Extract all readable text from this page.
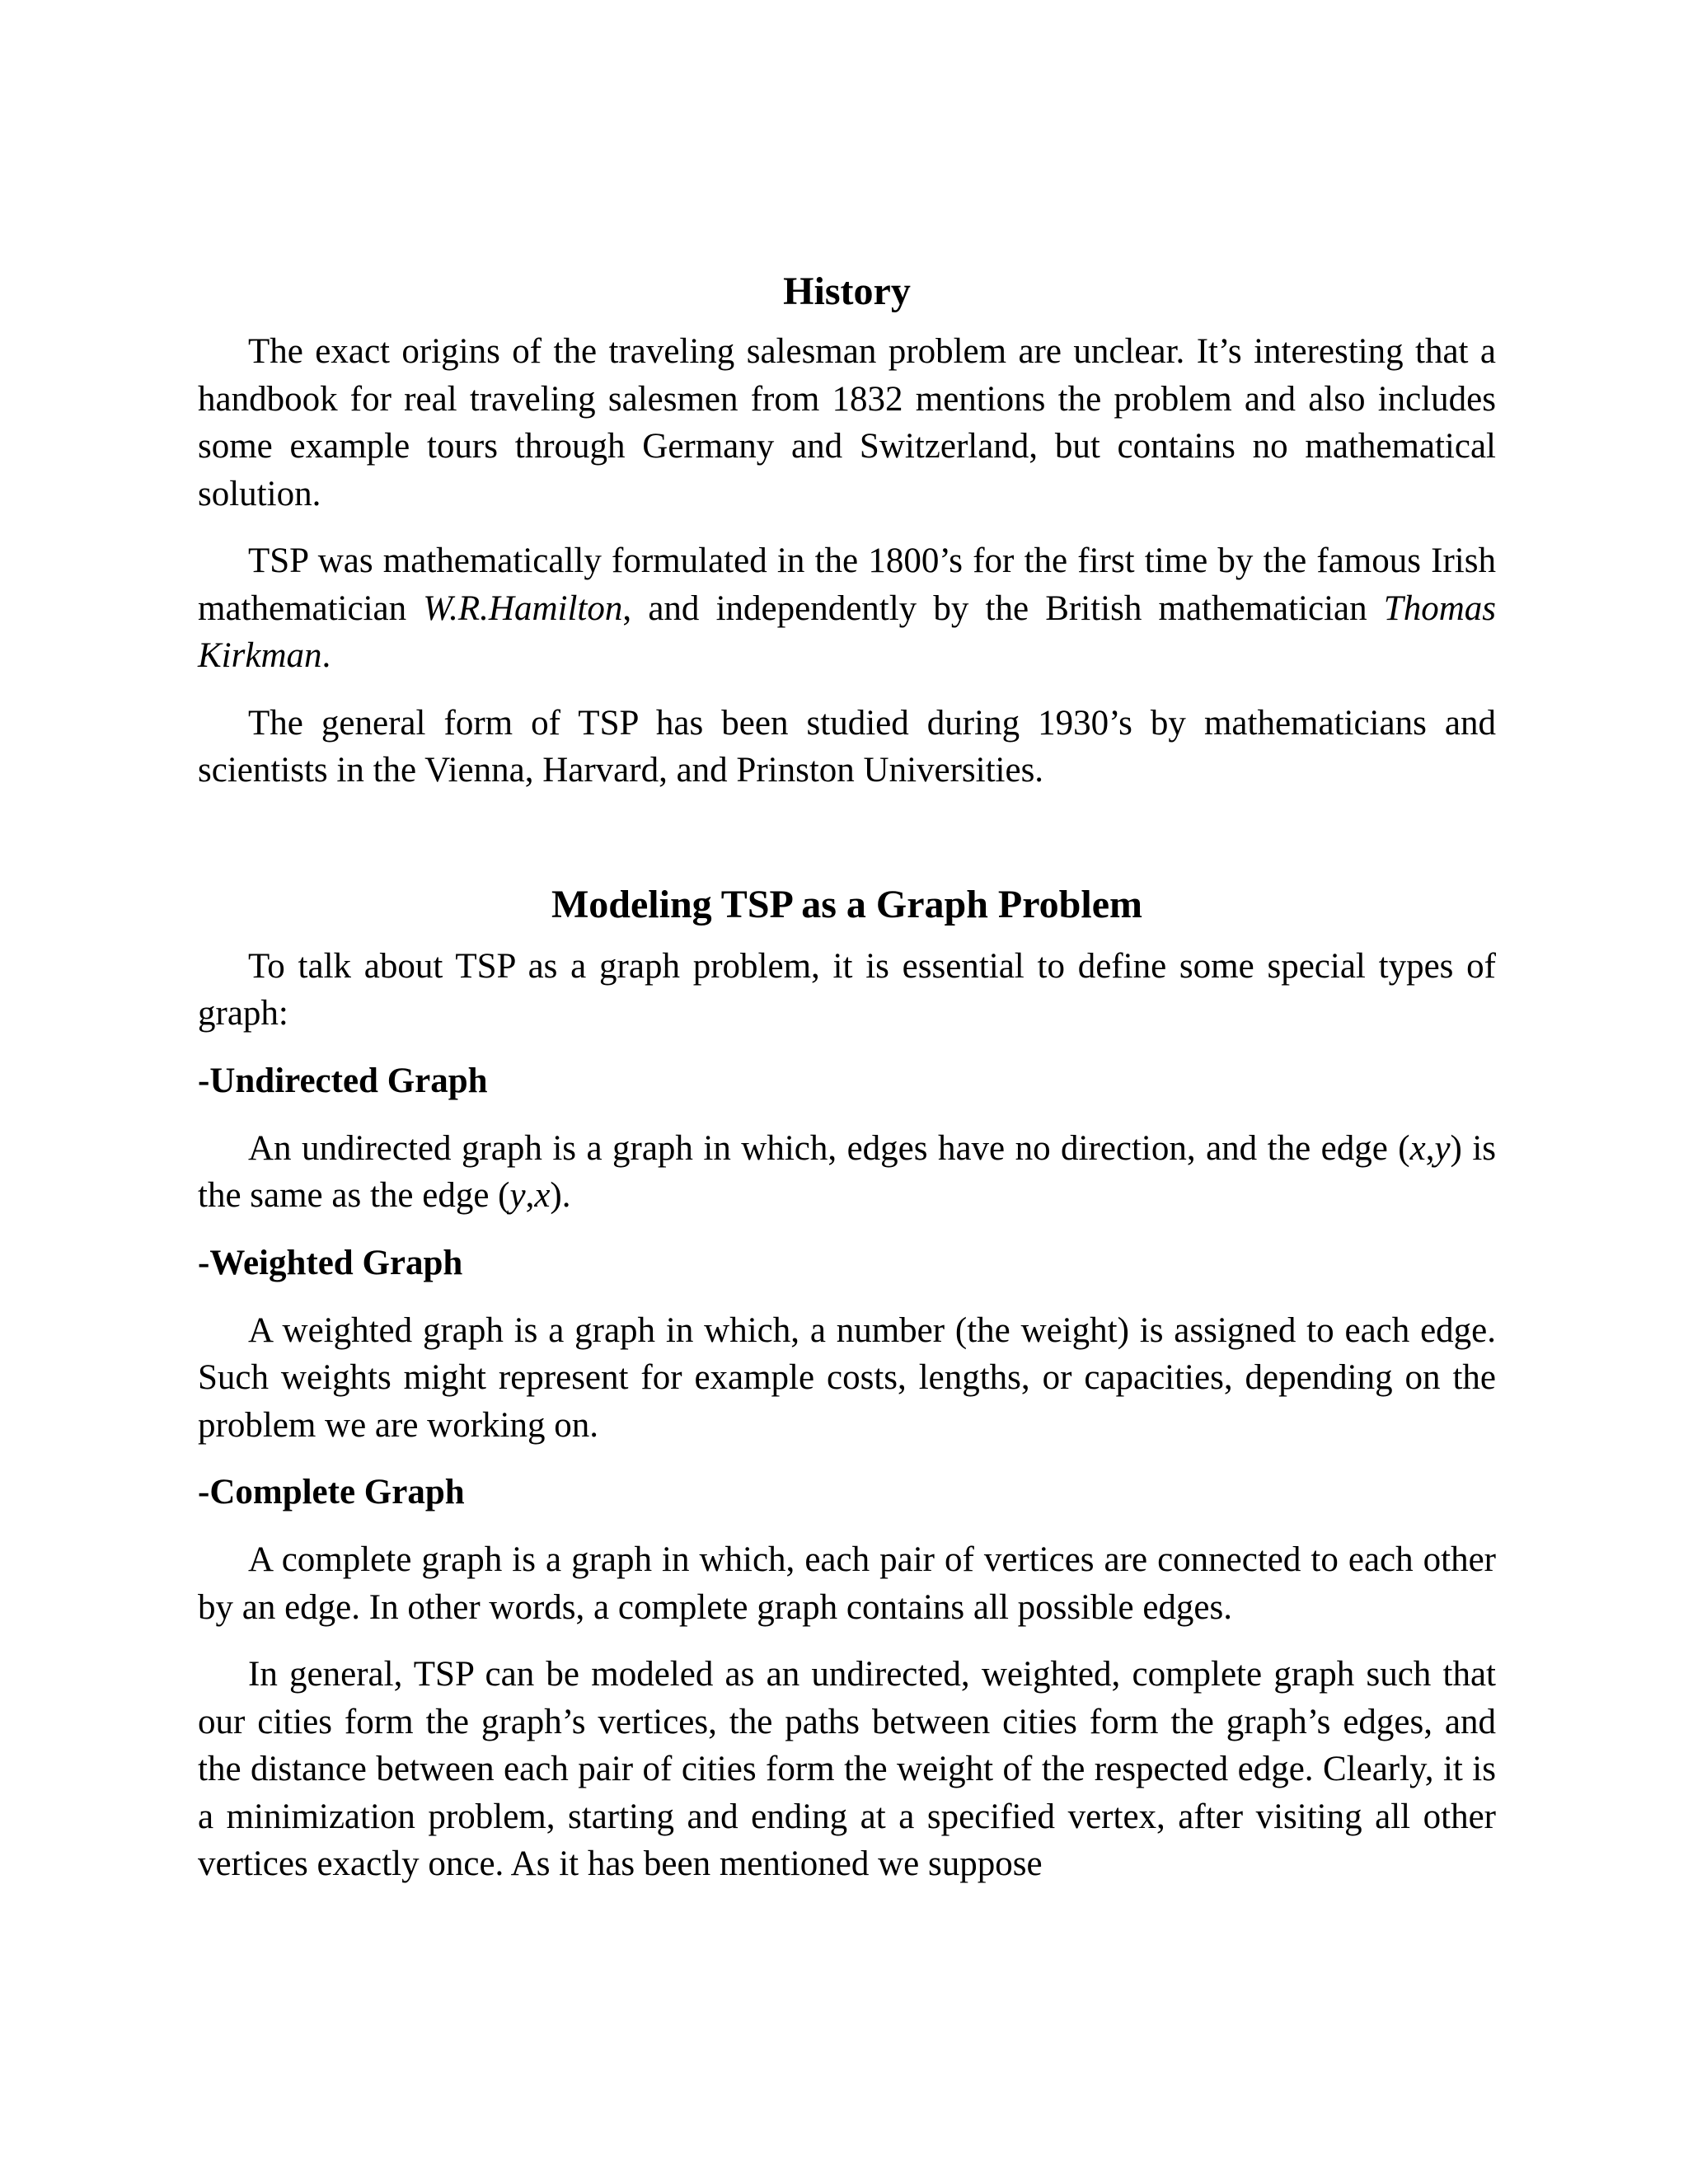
History

The exact origins of the traveling salesman problem are unclear. It’s interesting that a handbook for real traveling salesmen from 1832 mentions the problem and also includes some example tours through Germany and Switzerland, but contains no mathematical solution.

TSP was mathematically formulated in the 1800’s for the first time by the famous Irish mathematician W.R.Hamilton, and independently by the British mathematician Thomas Kirkman.

The general form of TSP has been studied during 1930’s by mathematicians and scientists in the Vienna, Harvard, and Prinston Universities.

Modeling TSP as a Graph Problem

To talk about TSP as a graph problem, it is essential to define some special types of graph:

-Undirected Graph

An undirected graph is a graph in which, edges have no direction, and the edge (x,y) is the same as the edge (y,x).

-Weighted Graph

A weighted graph is a graph in which, a number (the weight) is assigned to each edge. Such weights might represent for example costs, lengths, or capacities, depending on the problem we are working on.

-Complete Graph

A complete graph is a graph in which, each pair of vertices are connected to each other by an edge. In other words, a complete graph contains all possible edges.

In general, TSP can be modeled as an undirected, weighted, complete graph such that our cities form the graph’s vertices, the paths between cities form the graph’s edges, and the distance between each pair of cities form the weight of the respected edge. Clearly, it is a minimization problem, starting and ending at a specified vertex, after visiting all other vertices exactly once. As it has been mentioned we suppose
